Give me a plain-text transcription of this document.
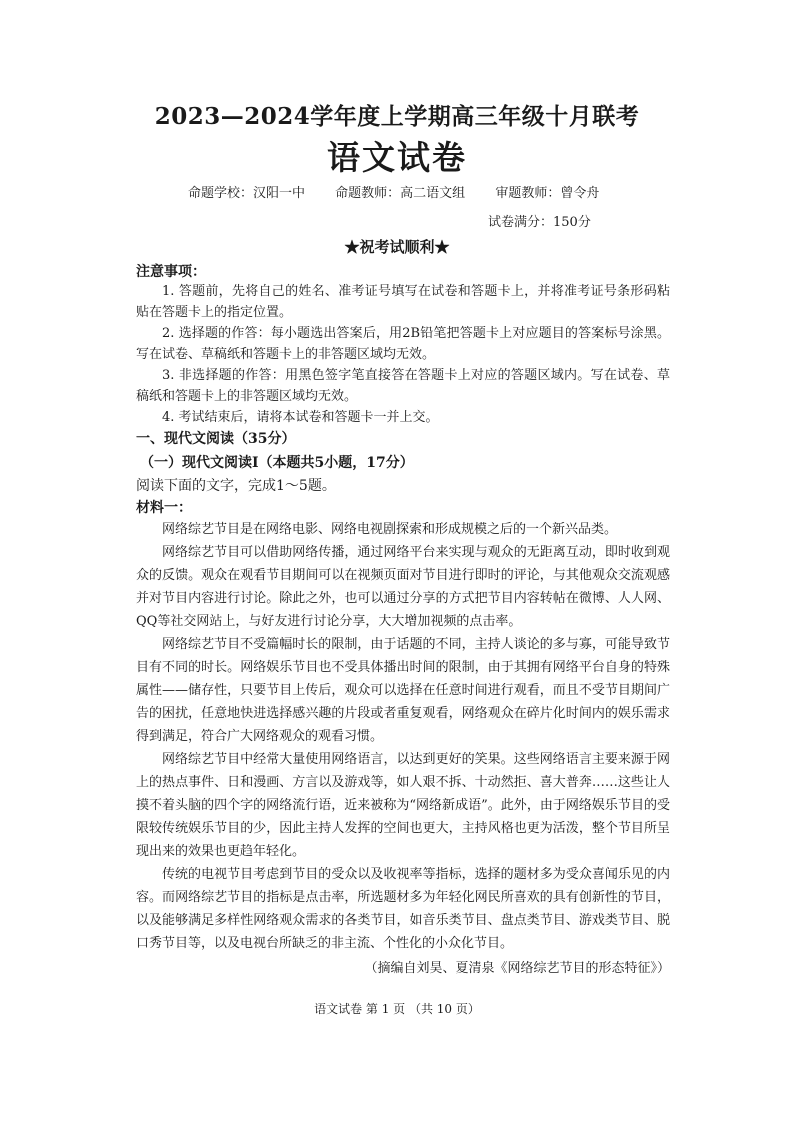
2023—2024学年度上学期高三年级十月联考
语文试卷
命题学校：汉阳一中 命题教师：高二语文组 审题教师：曾令舟
试卷满分：150分
★祝考试顺利★
注意事项：

1. 答题前，先将自己的姓名、准考证号填写在试卷和答题卡上，并将准考证号条形码粘贴在答题卡上的指定位置。

2. 选择题的作答：每小题选出答案后，用2B铅笔把答题卡上对应题目的答案标号涂黑。写在试卷、草稿纸和答题卡上的非答题区域均无效。

3. 非选择题的作答：用黑色签字笔直接答在答题卡上对应的答题区域内。写在试卷、草稿纸和答题卡上的非答题区域均无效。

4. 考试结束后，请将本试卷和答题卡一并上交。

一、现代文阅读（35分）
（一）现代文阅读Ⅰ（本题共5小题，17分）
阅读下面的文字，完成1～5题。
材料一：

网络综艺节目是在网络电影、网络电视剧探索和形成规模之后的一个新兴品类。

网络综艺节目可以借助网络传播，通过网络平台来实现与观众的无距离互动，即时收到观众的反馈。观众在观看节目期间可以在视频页面对节目进行即时的评论，与其他观众交流观感并对节目内容进行讨论。除此之外，也可以通过分享的方式把节目内容转帖在微博、人人网、QQ等社交网站上，与好友进行讨论分享，大大增加视频的点击率。

网络综艺节目不受篇幅时长的限制，由于话题的不同，主持人谈论的多与寡，可能导致节目有不同的时长。网络娱乐节目也不受具体播出时间的限制，由于其拥有网络平台自身的特殊属性——储存性，只要节目上传后，观众可以选择在任意时间进行观看，而且不受节目期间广告的困扰，任意地快进选择感兴趣的片段或者重复观看，网络观众在碎片化时间内的娱乐需求得到满足，符合广大网络观众的观看习惯。

网络综艺节目中经常大量使用网络语言，以达到更好的笑果。这些网络语言主要来源于网上的热点事件、日和漫画、方言以及游戏等，如人艰不拆、十动然拒、喜大普奔……这些让人摸不着头脑的四个字的网络流行语，近来被称为“网络新成语”。此外，由于网络娱乐节目的受限较传统娱乐节目的少，因此主持人发挥的空间也更大，主持风格也更为活泼，整个节目所呈现出来的效果也更趋年轻化。

传统的电视节目考虑到节目的受众以及收视率等指标，选择的题材多为受众喜闻乐见的内容。而网络综艺节目的指标是点击率，所选题材多为年轻化网民所喜欢的具有创新性的节目，以及能够满足多样性网络观众需求的各类节目，如音乐类节目、盘点类节目、游戏类节目、脱口秀节目等，以及电视台所缺乏的非主流、个性化的小众化节目。

（摘编自刘昊、夏清泉《网络综艺节目的形态特征》）
语文试卷 第 1 页 （共 10 页）
